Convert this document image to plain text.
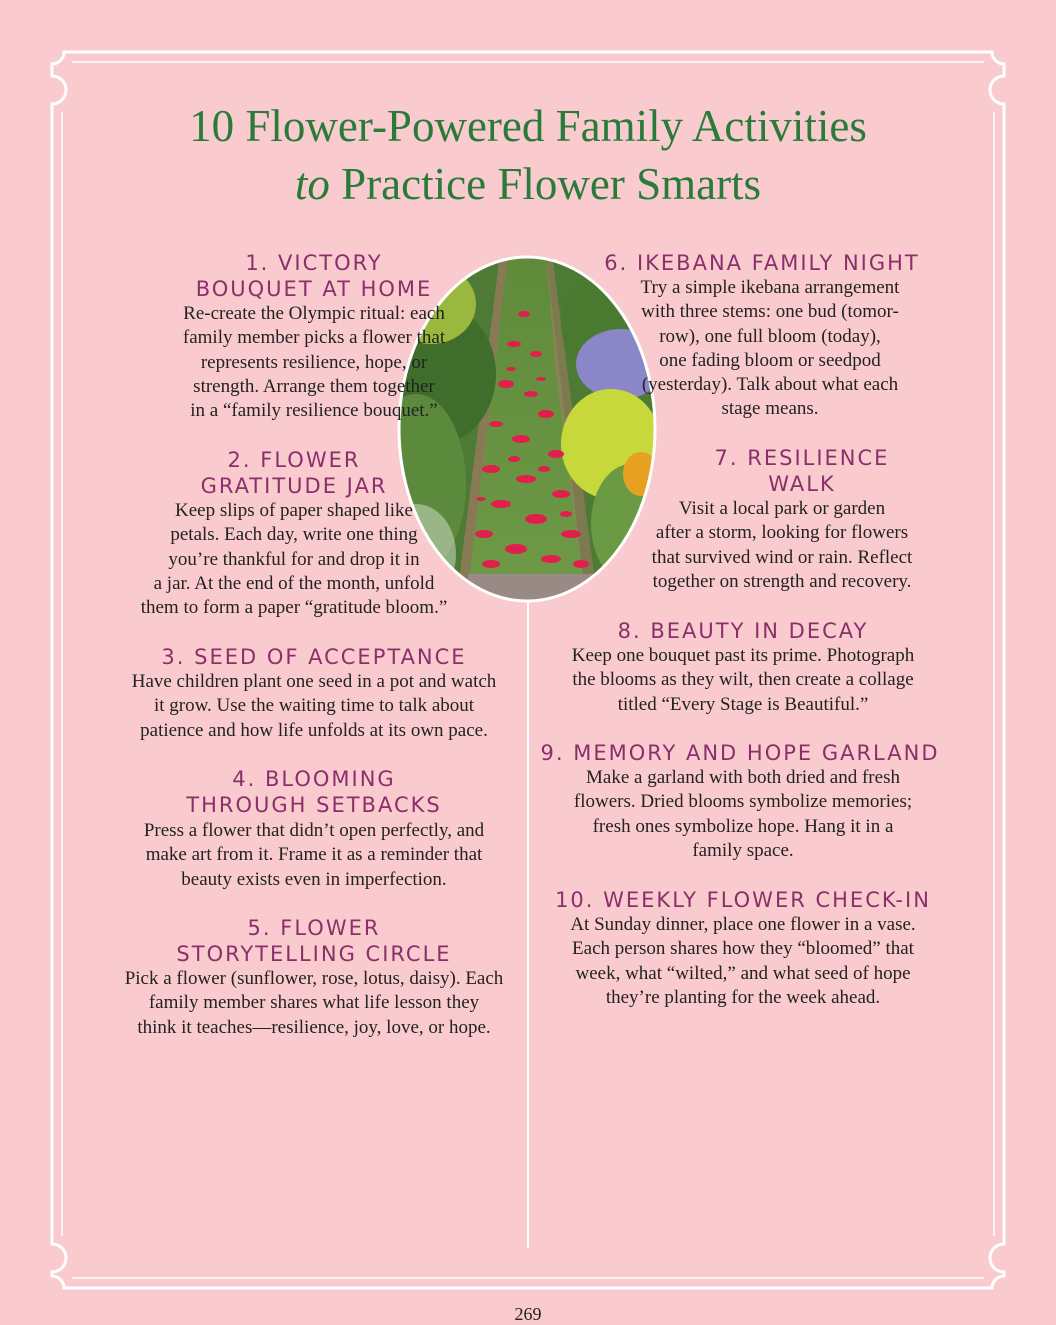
10 Flower-Powered Family Activities
to Practice Flower Smarts
1. VICTORY
BOUQUET AT HOME
Re-create the Olympic ritual: each
family member picks a flower that
represents resilience, hope, or
strength. Arrange them together
in a “family resilience bouquet.”
2. FLOWER
GRATITUDE JAR
Keep slips of paper shaped like
petals. Each day, write one thing
you’re thankful for and drop it in
a jar. At the end of the month, unfold
them to form a paper “gratitude bloom.”
3. SEED OF ACCEPTANCE
Have children plant one seed in a pot and watch
it grow. Use the waiting time to talk about
patience and how life unfolds at its own pace.
4. BLOOMING
THROUGH SETBACKS
Press a flower that didn’t open perfectly, and
make art from it. Frame it as a reminder that
beauty exists even in imperfection.
5. FLOWER
STORYTELLING CIRCLE
Pick a flower (sunflower, rose, lotus, daisy). Each
family member shares what life lesson they
think it teaches—resilience, joy, love, or hope.
6. IKEBANA FAMILY NIGHT
Try a simple ikebana arrangement
with three stems: one bud (tomor-
row), one full bloom (today),
one fading bloom or seedpod
(yesterday). Talk about what each
stage means.
7. RESILIENCE
WALK
Visit a local park or garden
after a storm, looking for flowers
that survived wind or rain. Reflect
together on strength and recovery.
8. BEAUTY IN DECAY
Keep one bouquet past its prime. Photograph
the blooms as they wilt, then create a collage
titled “Every Stage is Beautiful.”
9. MEMORY AND HOPE GARLAND
Make a garland with both dried and fresh
flowers. Dried blooms symbolize memories;
fresh ones symbolize hope. Hang it in a
family space.
10. WEEKLY FLOWER CHECK-IN
At Sunday dinner, place one flower in a vase.
Each person shares how they “bloomed” that
week, what “wilted,” and what seed of hope
they’re planting for the week ahead.
269
